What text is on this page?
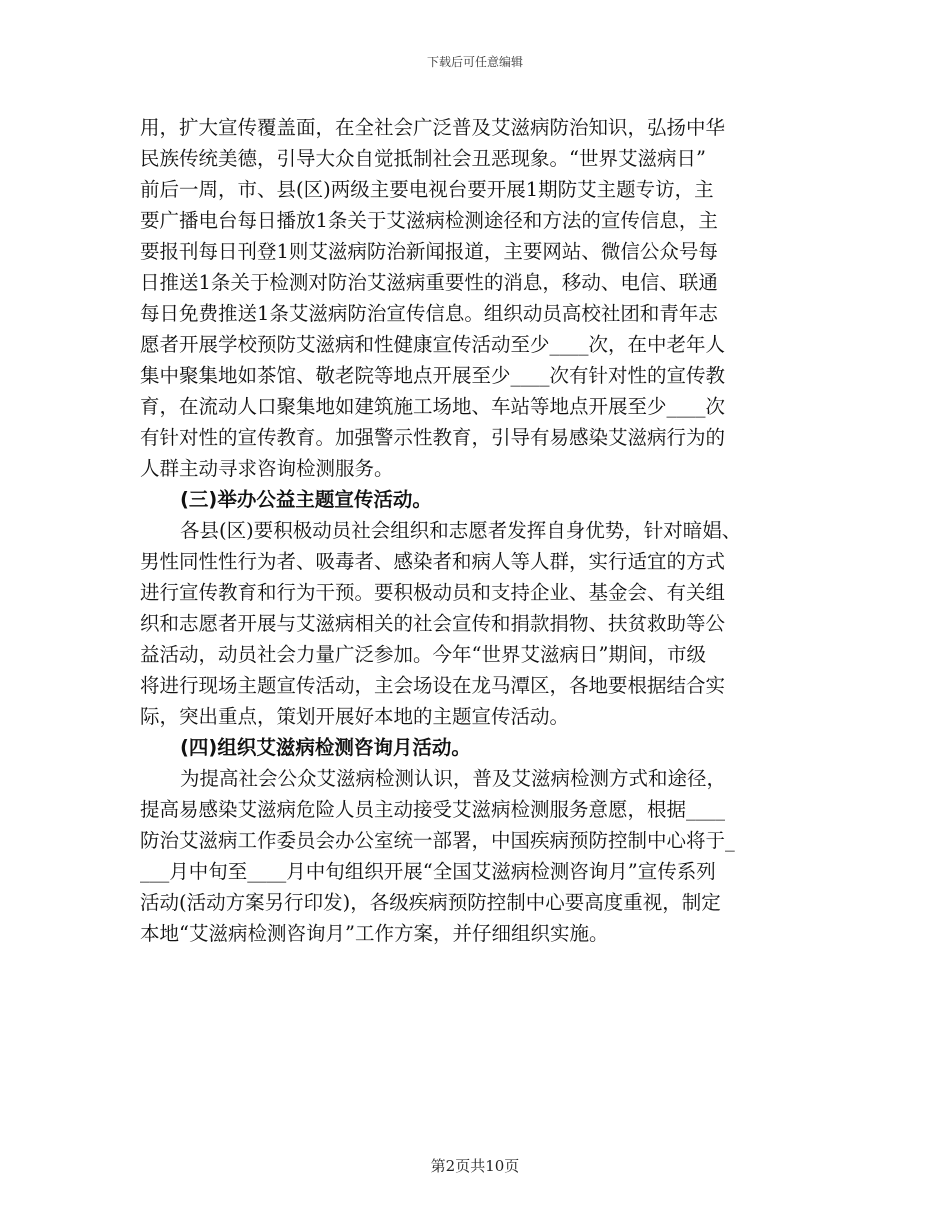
下载后可任意编辑
用，扩大宣传覆盖面，在全社会广泛普及艾滋病防治知识，弘扬中华
民族传统美德，引导大众自觉抵制社会丑恶现象。“世界艾滋病日”
前后一周，市、县(区)两级主要电视台要开展1期防艾主题专访，主
要广播电台每日播放1条关于艾滋病检测途径和方法的宣传信息，主
要报刊每日刊登1则艾滋病防治新闻报道，主要网站、微信公众号每
日推送1条关于检测对防治艾滋病重要性的消息，移动、电信、联通
每日免费推送1条艾滋病防治宣传信息。组织动员高校社团和青年志
愿者开展学校预防艾滋病和性健康宣传活动至少____次，在中老年人
集中聚集地如茶馆、敬老院等地点开展至少____次有针对性的宣传教
育，在流动人口聚集地如建筑施工场地、车站等地点开展至少____次
有针对性的宣传教育。加强警示性教育，引导有易感染艾滋病行为的
人群主动寻求咨询检测服务。
(三)举办公益主题宣传活动。
各县(区)要积极动员社会组织和志愿者发挥自身优势，针对暗娼、
男性同性性行为者、吸毒者、感染者和病人等人群，实行适宜的方式
进行宣传教育和行为干预。要积极动员和支持企业、基金会、有关组
织和志愿者开展与艾滋病相关的社会宣传和捐款捐物、扶贫救助等公
益活动，动员社会力量广泛参加。今年“世界艾滋病日”期间，市级
将进行现场主题宣传活动，主会场设在龙马潭区，各地要根据结合实
际，突出重点，策划开展好本地的主题宣传活动。
(四)组织艾滋病检测咨询月活动。
为提高社会公众艾滋病检测认识，普及艾滋病检测方式和途径，
提高易感染艾滋病危险人员主动接受艾滋病检测服务意愿，根据____
防治艾滋病工作委员会办公室统一部署，中国疾病预防控制中心将于_
___月中旬至____月中旬组织开展“全国艾滋病检测咨询月”宣传系列
活动(活动方案另行印发)，各级疾病预防控制中心要高度重视，制定
本地“艾滋病检测咨询月”工作方案，并仔细组织实施。
第2页共10页
